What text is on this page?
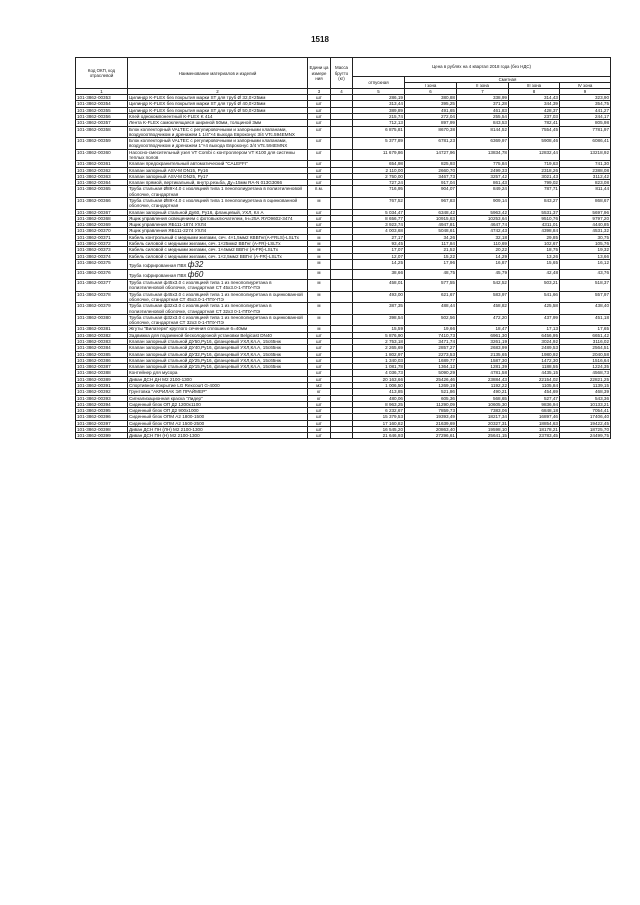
1518
Код ОКП, код отраслевой	Наименование материалов и изделий	Едини ца измере ния	Масса брутто (кг)	Цена в рублях на 4 квартал 2018 года (без НДС)				
				отпускная	Сметная			
					I зона	II зона	III зона	IV зона
1	2	3	4	5	6	7	8	9
101-3862-00353	Цилиндр K-FLEX без покрытия марки ST для труб Ø 32,0×25мм	шт		286,19	380,88	338,99	314,43	323,90
101-3862-00354	Цилиндр K-FLEX без покрытия марки ST для труб Ø 40,0×25мм	шт		313,44	395,25	371,28	344,39	354,75
101-3862-00355	Цилиндр K-FLEX без покрытия марки ST для труб Ø 50,0×25мм	шт		389,89	491,65	461,83	428,37	441,27
101-3862-00356	Клей однокомпонентный K-FLEX K 414	шт		215,74	272,04	255,54	237,03	244,17
101-3862-00357	Лента K-FLEX самоклеящаяся шириной 50мм, толщиной 3мм	шт		712,13	897,99	843,53	782,41	805,98
101-3862-00358	Блок коллекторный VALTEC с регулировочными и запорными клапанами, воздухоотводчиком и дренажем 1 1/4"×4 выхода Евроконус 3/4 VTc.594EMNX	шт		6 875,81	8670,38	8144,52	7554,45	7781,97
101-3862-00359	Блок коллекторный VALTEC с регулировочными и запорными клапанами, воздухоотводчиком и дренажем 1"×4 выхода Евроконус 3/4 VTc.594EMNX	шт		5 377,89	6781,23	6369,97	5908,46	6086,41
101-3862-00360	Насосно-смесительный узел VT Combi с контроллером VT K100 для системы теплых полов	шт		11 679,86	14727,96	13834,78	12832,44	13218,92
101-3862-00361	Клапан предохранительный автоматический "CALEFFI"	шт		654,98	825,93	775,84	719,63	741,30
101-3862-00362	Клапан запорный ASV-M DN15, Py16	шт		2 110,00	2660,70	2499,33	2318,26	2388,08
101-3862-00363	Клапан запорный ASV-M DN25, Py17	шт		2 750,00	3467,73	3257,42	3021,43	3112,42
101-3862-00364	Клапан прямой, вертикальный, внутр.резьба, Ду=15мм RA-N 013G3066	шт		727,24	917,04	861,43	799,02	823,08
101-3862-00365	Труба стальная Ø89×4.0 с изоляцией типа 1 пенополиуретана в полиэтиленовой оболочке, стандартная	п.м.		716,95	904,07	849,24	787,71	811,44
101-3862-00366	Труба стальная Ø89×4.0 с изоляцией типа 1 пенополиуретана в оцинкованной оболочке, стандартная	м		767,52	967,83	909,14	843,27	868,67
101-3862-00367	Клапан запорный стальной Ду60, Py16, фланцевый, УХЛ, Кл А	шт		5 034,47	6348,42	5963,42	5531,37	5697,96
101-3862-00368	Ящик управления освещением с фотовыключателем, Iн=25А ЯУО9602-3474	шт		8 656,77	10915,63	10253,64	9510,76	9797,20
101-3862-00369	Ящик управления ЯБ111-1874 УХЛ4	шт		3 923,74	4947,81	4647,74	4311,01	4440,85
101-3862-00370	Ящик управления ЯБ111-2274 УХЛ4	шт		4 003,68	5048,61	4742,43	4398,84	4531,32
101-3862-00371	Кабель контрольный с медными жилами, сеч. 4×1,5мм2 КВВГнг(А-FRLS)-LSLTx	м		27,17	34,26	32,18	29,85	30,75
101-3862-00372	Кабель силовой с медными жилами, сеч. 1×25мм2 ВВГнг (А-FR)-LSLTx	м		93,45	117,84	110,69	102,67	105,76
101-3862-00373	Кабель силовой с медными жилами, сеч. 1×4мм2 ВВГнг (А-FR)-LSLTx	м		17,07	21,52	20,22	18,75	19,32
101-3862-00374	Кабель силовой с медными жилами, сеч. 1×2,5мм2 ВВГнг (А-FR)-LSLTx	м		12,07	15,22	14,29	13,26	13,66
101-3862-00375	Труба гофрированная ПВХ ф32	м		14,25	17,96	16,87	15,65	16,12
101-3862-00376	Труба гофрированная ПВХ ф60	м		38,66	48,75	45,79	42,48	43,76
101-3862-00377	Труба стальная ф45х3.0 с изоляцией типа 1 из пенополиуретана в полиэтиленовой оболочке, стандартная СТ 45х3.0-1-ППУ-ПЭ	м		458,01	577,55	542,52	503,21	518,37
101-3862-00378	Труба стальная ф45х3.0 с изоляцией типа 1 из пенополиуретана в оцинкованной оболочке, стандартная СТ 45х3.0-1-ППУ-ПЭ	м		493,00	621,67	583,97	541,66	557,97
101-3862-00379	Труба стальная ф32х3.0 с изоляцией типа 1 из пенополиуретана в полиэтиленовой оболочке, стандартная СТ 32х3 0-1-ППУ-ПЭ	м		387,35	488,44	458,82	425,58	438,40
101-3862-00380	Труба стальная ф32х3.0 с изоляцией типа 1 из пенополиуретана в оцинкованной оболочке, стандартная СТ 32х3 0-1-ППУ-ПЭ	м		398,54	502,56	472,20	437,99	451,18
101-3862-00381	Жгуты "Вилатерм" круглого сечения сплошные 6=40мм	м		15,59	19,66	18,47	17,13	17,65
101-3862-00382	Задвижка для подземной бесколодезной установки Belgicast DN40	шт		5 876,90	7410,73	6961,30	6456,95	6651,42
101-3862-00383	Клапан запорный стальной ДУ50,Py16, фланцевый УХЛ,Кл.А, 15с65нж	шт		2 753,18	3471,74	3261,19	3024,92	3116,02
101-3862-00384	Клапан запорный стальной ДУ40,Py16, фланцевый УХЛ,Кл.А, 15с65нж	шт		2 265,69	2857,27	2683,99	2489,53	2564,51
101-3862-00385	Клапан запорный стальной ДУ32,Py16, фланцевый УХЛ,Кл.А, 15с65нж	шт		1 802,97	2273,53	2135,65	1980,92	2040,58
101-3862-00386	Клапан запорный стальной ДУ25,Py16, фланцевый УХЛ,Кл.А, 15с65нж	шт		1 340,03	1689,77	1587,30	1472,30	1516,64
101-3862-00387	Клапан запорный стальной ДУ15,Py16, фланцевый УХЛ,Кл.А, 15с65нж	шт		1 081,78	1364,12	1281,39	1188,55	1224,35
101-3862-00388	Контейнер для мусора	шт		4 036,73	5090,29	4781,58	4435,15	4568,73
101-3862-00389	Диван ДСН ДН М2 2100-1300	шт		20 163,66	25426,46	23884,43	22154,02	22821,25
101-3862-00391	Спортивное покрытие LG Rexcourt G-4000	м2		1 006,50	1269,19	1192,22	1105,84	1139,15
101-3862-00392	Грунтовка "АКРИЛАК ЭЛ ПРАЙМЕР"	кг		413,85	521,86	490,21	454,69	468,39
101-3862-00393	Сигнализационная краска "Лидер"	кг		480,06	605,36	568,65	527,47	543,36
101-3862-00394	Сиденный блок ОП Д2 1200х1100	шт		8 963,25	11290,09	10605,30	9836,94	10133,21
101-3862-00395	Сиденный блок ОП Д2 900х1000	шт		6 232,67	7859,73	7383,06	6848,18	7054,41
101-3862-00396	Сиденный блок ОПМ А2 1800-1500	шт		15 379,53	19393,49	18217,34	16897,46	17406,40
101-3862-00397	Сиденный блок ОПМ А2 1500-2500	шт		17 160,82	21639,69	20327,31	18854,63	19422,45
101-3862-00398	Диван ДСН ПН (ЛН) М2 2100-1300	шт		16 545,20	20863,40	19598,10	18178,21	18725,70
101-3862-00399	Диван ДСН ПН (Н) М2 2100-1300	шт		21 646,93	27296,61	25641,15	23783,45	24499,75
